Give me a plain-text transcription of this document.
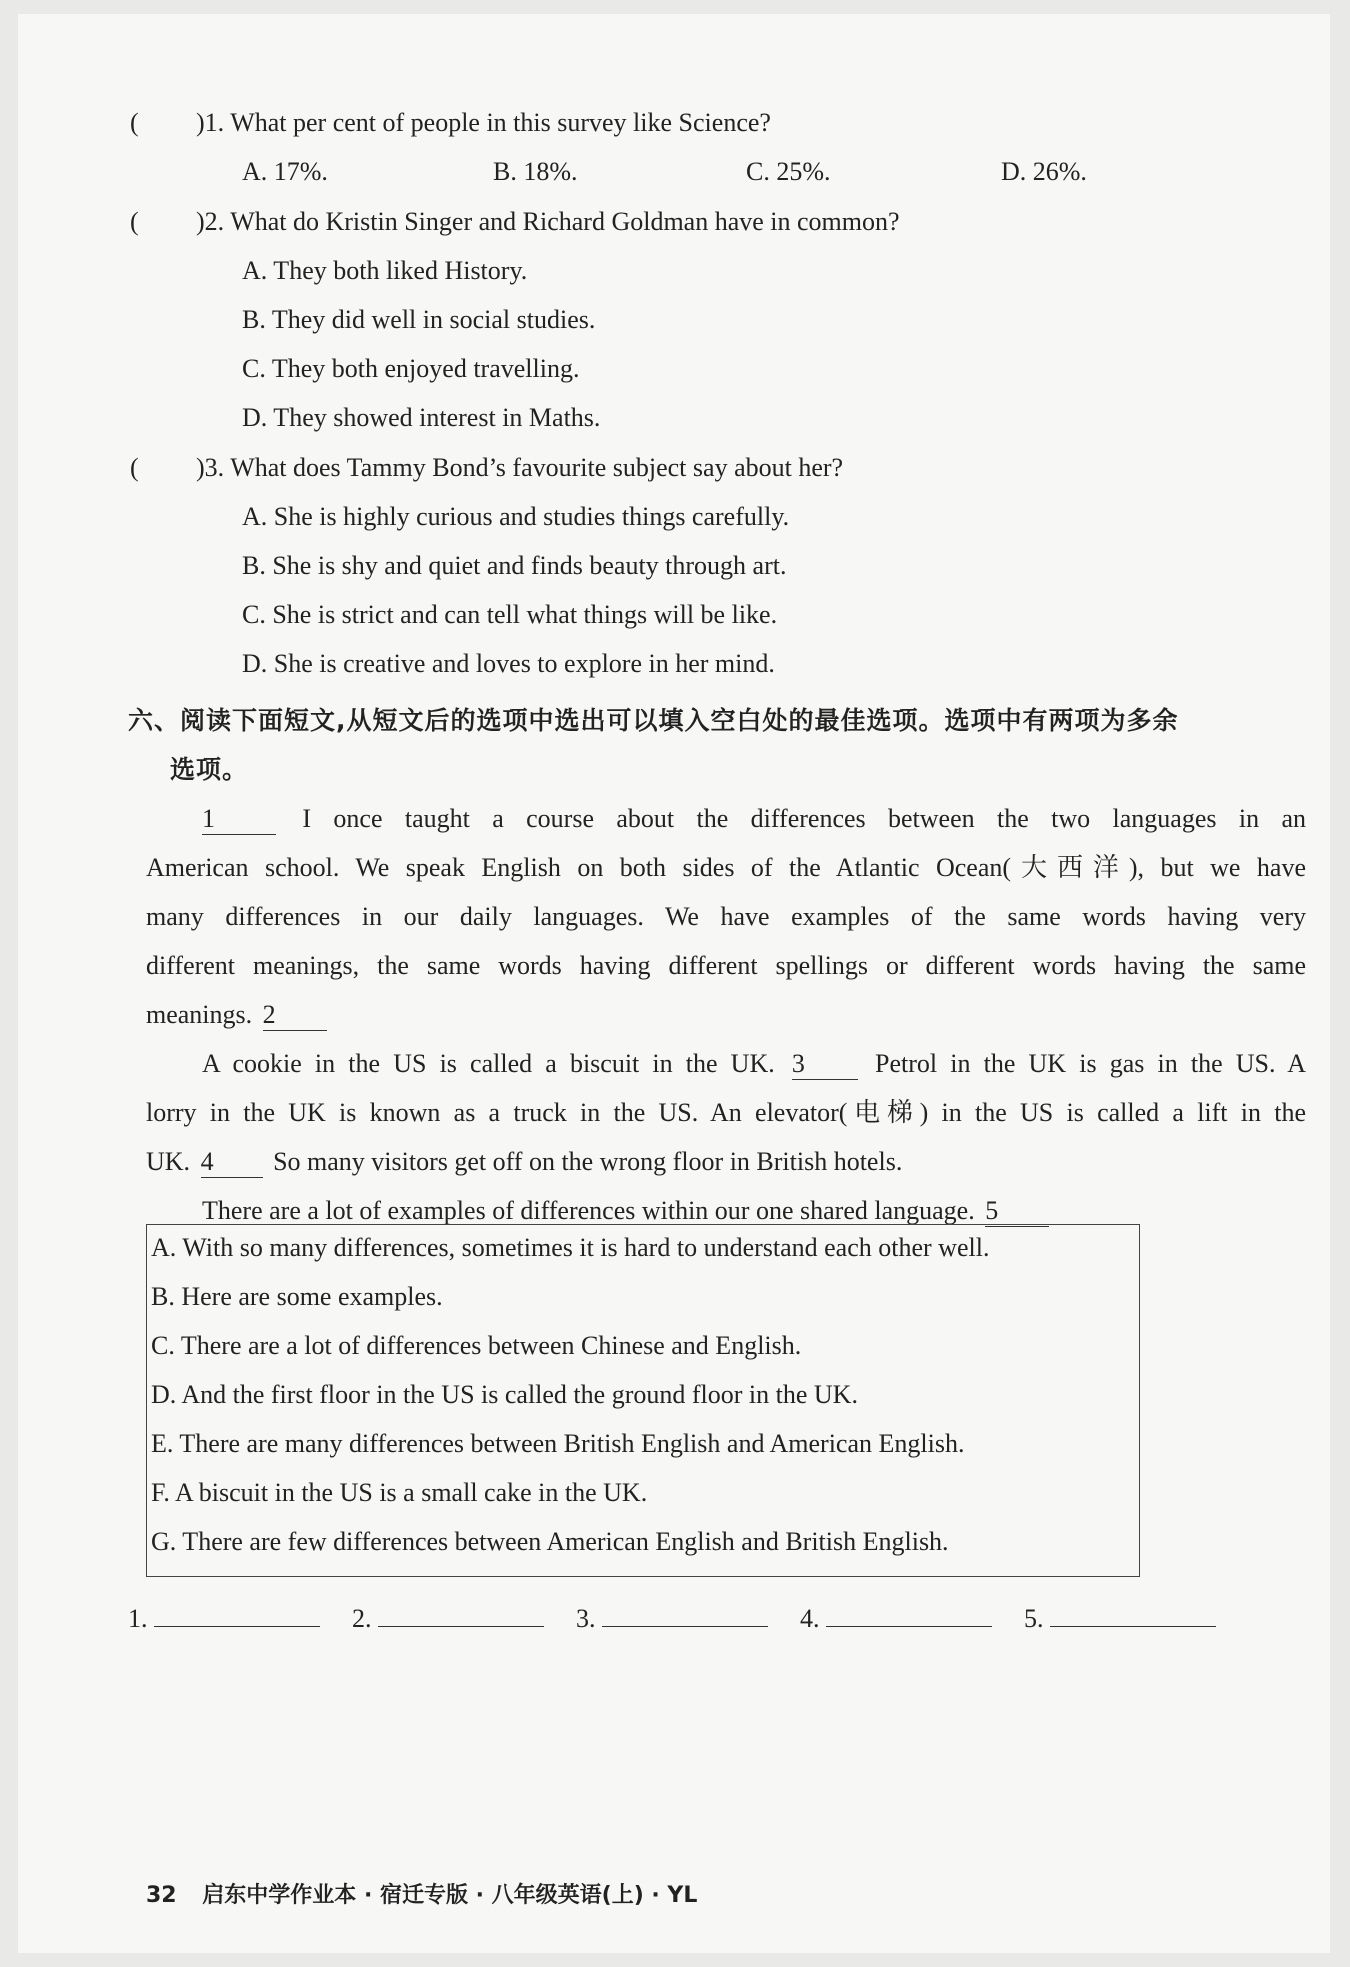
( )1. What per cent of people in this survey like Science?
A. 17%.	B. 18%.	C. 25%.	D. 26%.
( )2. What do Kristin Singer and Richard Goldman have in common?
A. They both liked History.
B. They did well in social studies.
C. They both enjoyed travelling.
D. They showed interest in Maths.
( )3. What does Tammy Bond’s favourite subject say about her?
A. She is highly curious and studies things carefully.
B. She is shy and quiet and finds beauty through art.
C. She is strict and can tell what things will be like.
D. She is creative and loves to explore in her mind.
六、阅读下面短文,从短文后的选项中选出可以填入空白处的最佳选项。选项中有两项为多余
选项。
1	I once taught a course about the differences between the two languages in an
American school. We speak English on both sides of the Atlantic Ocean(大西洋), but we have
many differences in our daily languages. We have examples of the same words having very
different meanings, the same words having different spellings or different words having the same
meanings. 2
A cookie in the US is called a biscuit in the UK. 3	Petrol in the UK is gas in the US. A
lorry in the UK is known as a truck in the US. An elevator(电梯) in the US is called a lift in the
UK. 4 So many visitors get off on the wrong floor in British hotels.
There are a lot of examples of differences within our one shared language. 5
A. With so many differences, sometimes it is hard to understand each other well.
B. Here are some examples.
C. There are a lot of differences between Chinese and English.
D. And the first floor in the US is called the ground floor in the UK.
E. There are many differences between British English and American English.
F. A biscuit in the US is a small cake in the UK.
G. There are few differences between American English and British English.
1.	2.	3.	4.	5.
32 启东中学作业本 · 宿迁专版 · 八年级英语(上) · YL
